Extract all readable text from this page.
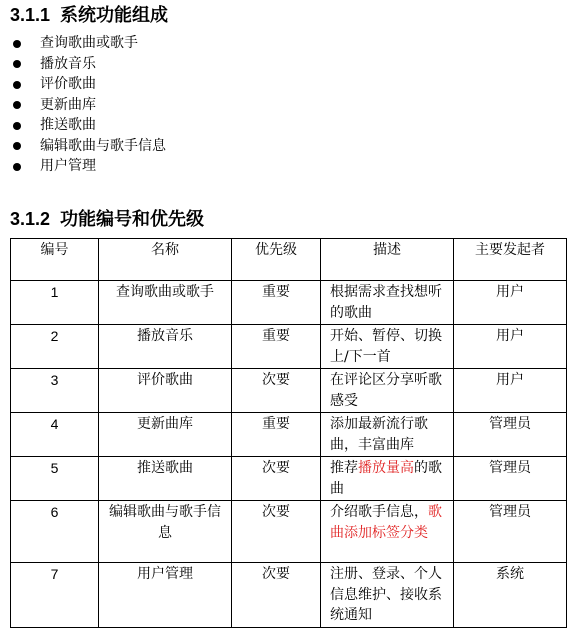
3.1.1 系统功能组成
查询歌曲或歌手
播放音乐
评价歌曲
更新曲库
推送歌曲
编辑歌曲与歌手信息
用户管理
3.1.2 功能编号和优先级
编号	名称	优先级	描述	主要发起者
1	查询歌曲或歌手	重要	根据需求查找想听的歌曲	用户
2	播放音乐	重要	开始、暂停、切换上/下一首	用户
3	评价歌曲	次要	在评论区分享听歌感受	用户
4	更新曲库	重要	添加最新流行歌曲，丰富曲库	管理员
5	推送歌曲	次要	推荐播放量高的歌曲	管理员
6	编辑歌曲与歌手信息	次要	介绍歌手信息，歌曲添加标签分类	管理员
7	用户管理	次要	注册、登录、个人信息维护、接收系统通知	系统
